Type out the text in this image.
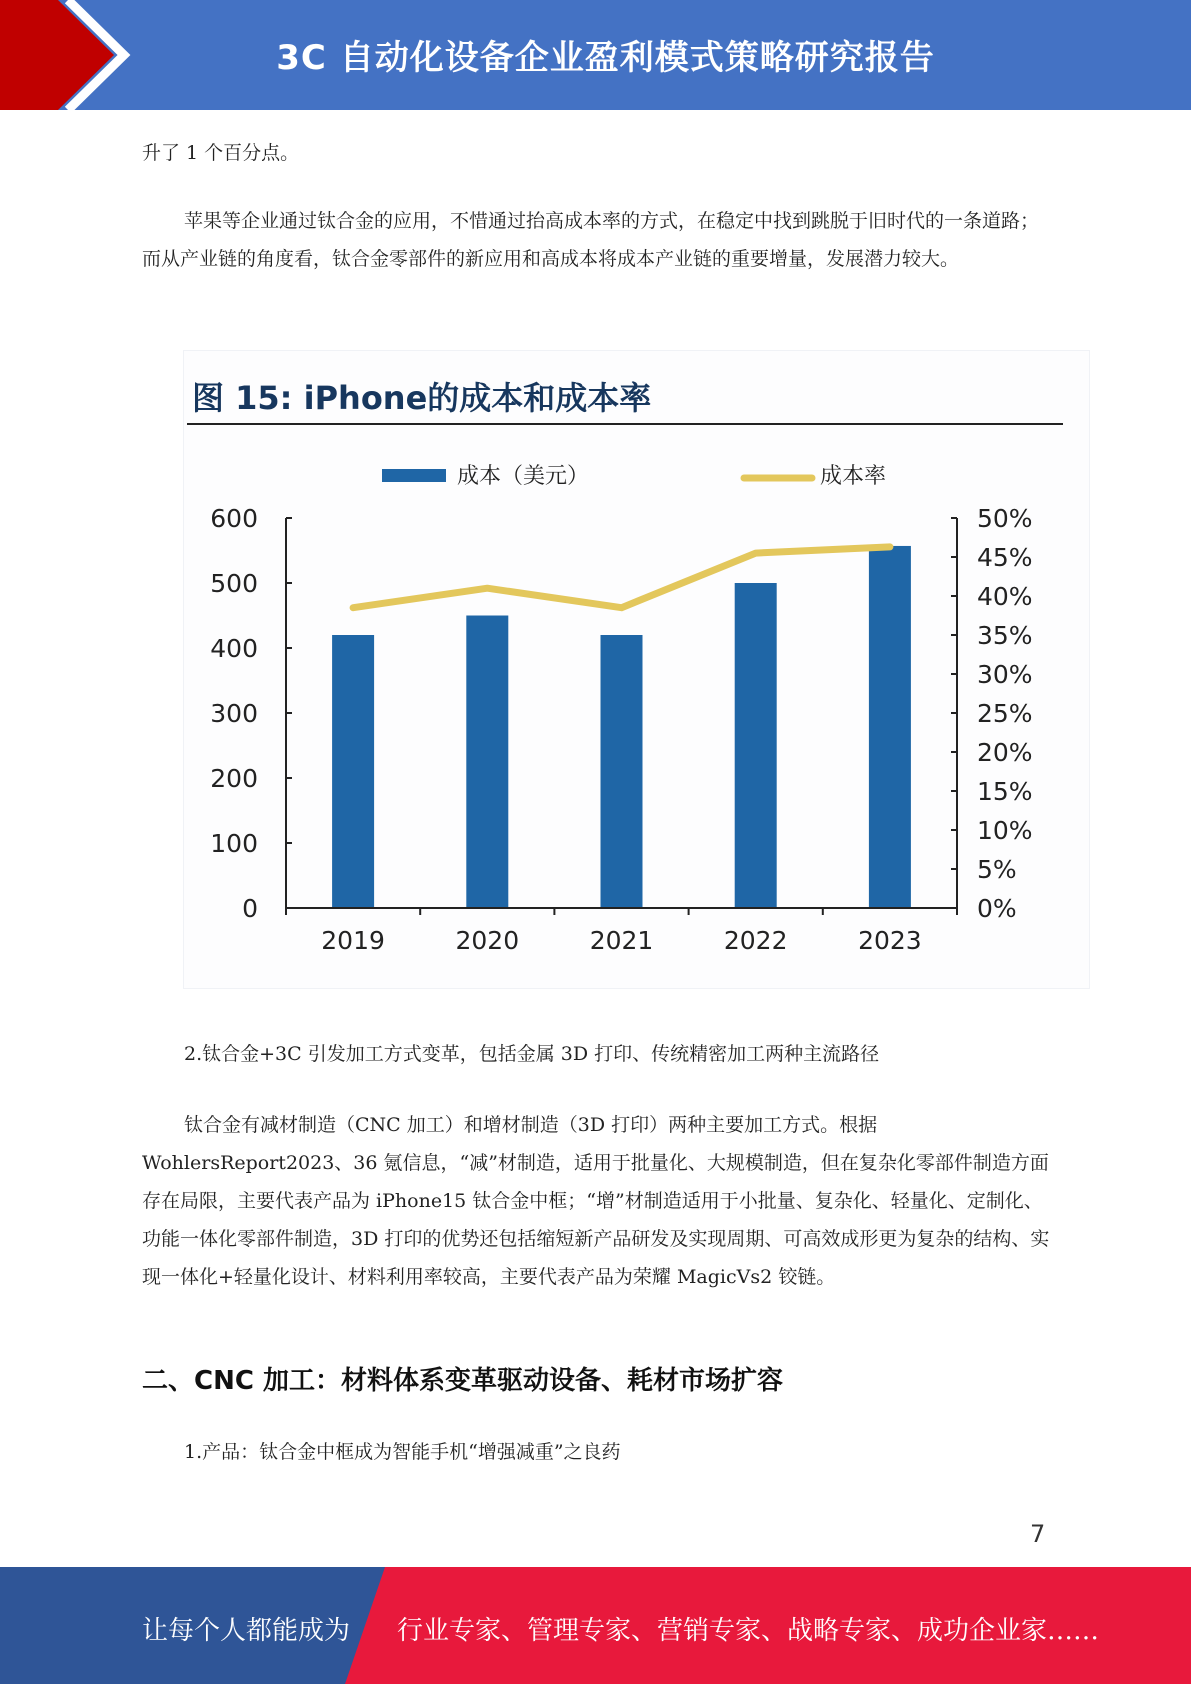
3C 自动化设备企业盈利模式策略研究报告

升了 1 个百分点。

苹果等企业通过钛合金的应用，不惜通过抬高成本率的方式，在稳定中找到跳脱于旧时代的一条道路；而从产业链的角度看，钛合金零部件的新应用和高成本将成本产业链的重要增量，发展潜力较大。

图 15: iPhone的成本和成本率
成本（美元）	成本率
0
100
200
300
400
500
600
0%
5%
10%
15%
20%
25%
30%
35%
40%
45%
50%
2019	2020	2021	2022	2023

2.钛合金+3C 引发加工方式变革，包括金属 3D 打印、传统精密加工两种主流路径

钛合金有减材制造（CNC 加工）和增材制造（3D 打印）两种主要加工方式。根据 WohlersReport2023、36 氪信息，“减”材制造，适用于批量化、大规模制造，但在复杂化零部件制造方面存在局限，主要代表产品为 iPhone15 钛合金中框；“增”材制造适用于小批量、复杂化、轻量化、定制化、功能一体化零部件制造，3D 打印的优势还包括缩短新产品研发及实现周期、可高效成形更为复杂的结构、实现一体化+轻量化设计、材料利用率较高，主要代表产品为荣耀 MagicVs2 铰链。

二、CNC 加工：材料体系变革驱动设备、耗材市场扩容

1.产品：钛合金中框成为智能手机“增强减重”之良药

7
让每个人都能成为 行业专家、管理专家、营销专家、战略专家、成功企业家……
